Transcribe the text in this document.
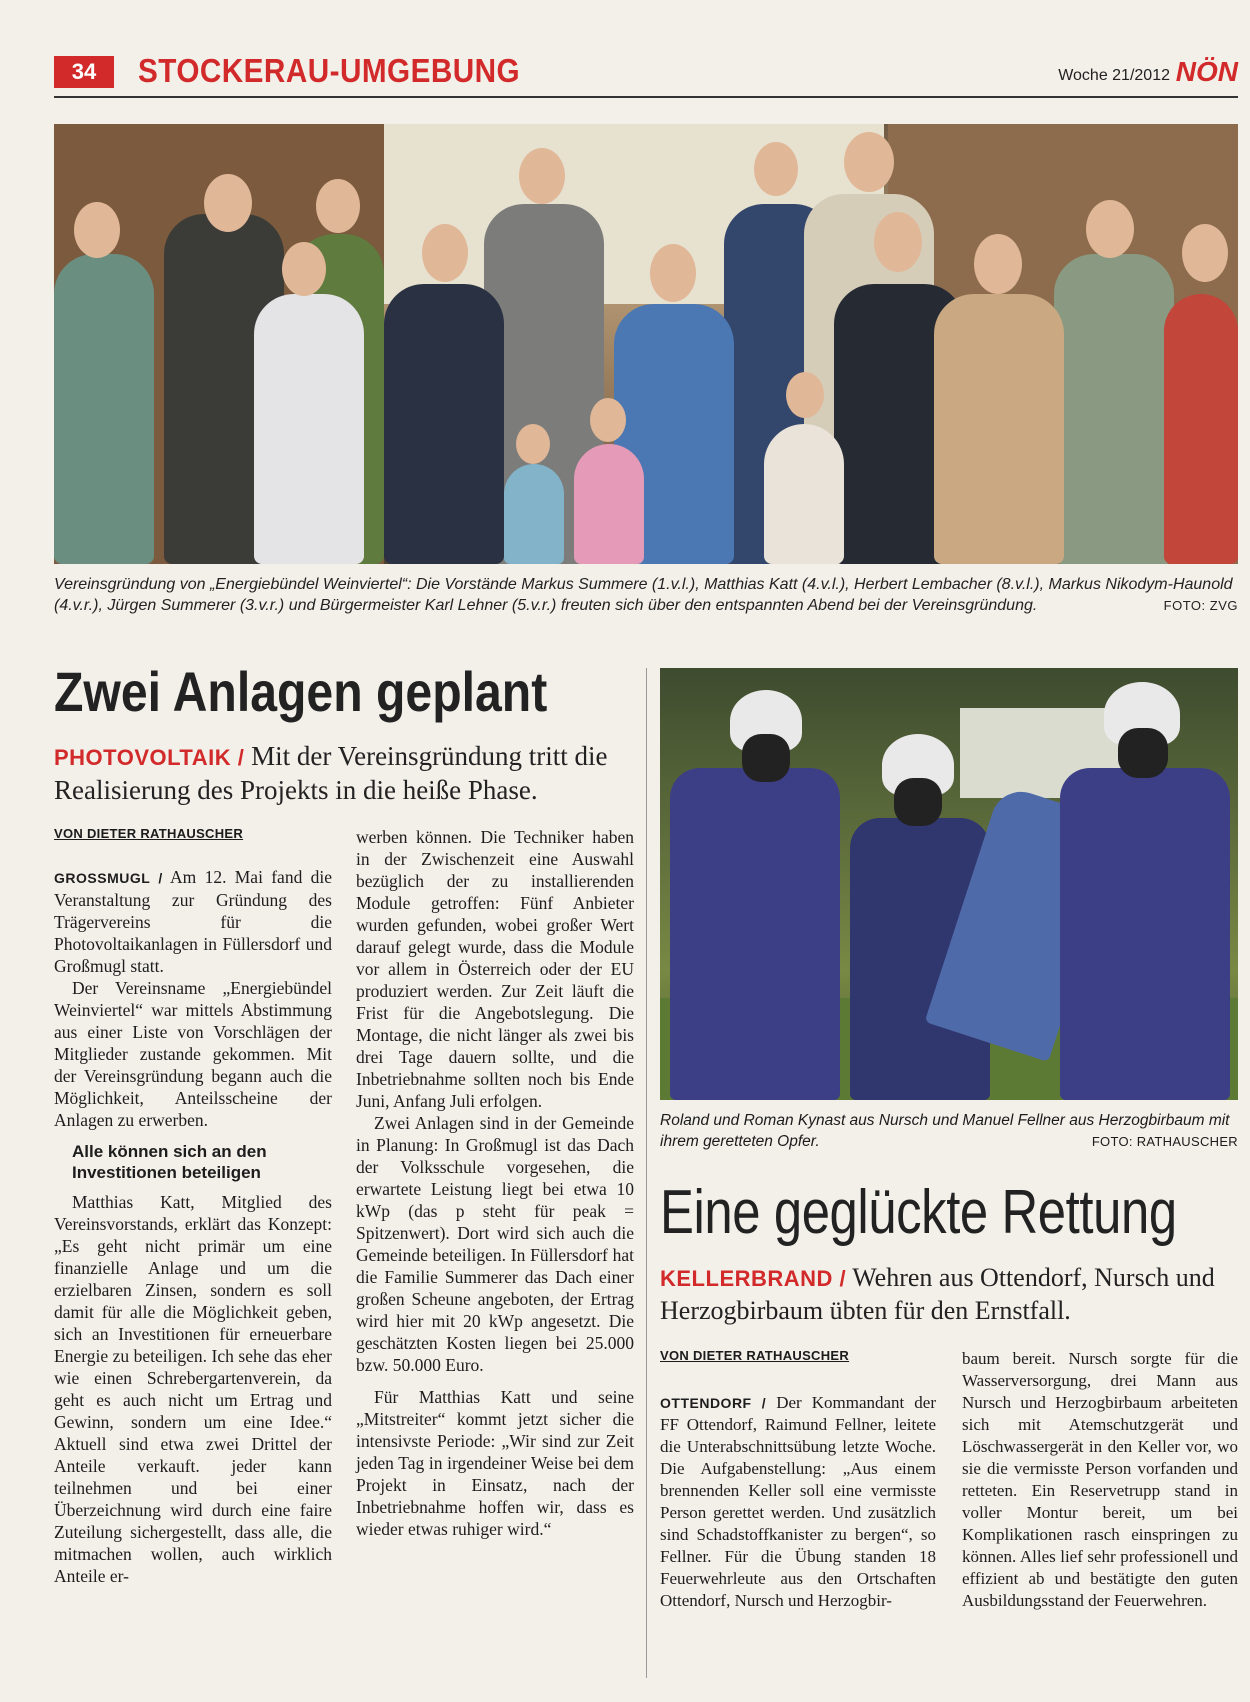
34	STOCKERAU-UMGEBUNG	Woche 21/2012 NÖN
Vereinsgründung von „Energiebündel Weinviertel“: Die Vorstände Markus Summere (1.v.l.), Matthias Katt (4.v.l.), Herbert Lembacher (8.v.l.), Markus Nikodym-Haunold (4.v.r.), Jürgen Summerer (3.v.r.) und Bürgermeister Karl Lehner (5.v.r.) freuten sich über den entspannten Abend bei der Vereinsgründung.	FOTO: ZVG
Zwei Anlagen geplant
PHOTOVOLTAIK / Mit der Vereinsgründung tritt die Realisierung des Projekts in die heiße Phase.
VON DIETER RATHAUSCHER

GROSSMUGL / Am 12. Mai fand die Veranstaltung zur Gründung des Trägervereins für die Photovoltaikanlagen in Füllersdorf und Großmugl statt.

Der Vereinsname „Energiebündel Weinviertel“ war mittels Abstimmung aus einer Liste von Vorschlägen der Mitglieder zustande gekommen. Mit der Vereinsgründung begann auch die Möglichkeit, Anteilsscheine der Anlagen zu erwerben.

Alle können sich an den Investitionen beteiligen

Matthias Katt, Mitglied des Vereinsvorstands, erklärt das Konzept: „Es geht nicht primär um eine finanzielle Anlage und um die erzielbaren Zinsen, sondern es soll damit für alle die Möglichkeit geben, sich an Investitionen für erneuerbare Energie zu beteiligen. Ich sehe das eher wie einen Schrebergartenverein, da geht es auch nicht um Ertrag und Gewinn, sondern um eine Idee.“ Aktuell sind etwa zwei Drittel der Anteile verkauft. jeder kann teilnehmen und bei einer Überzeichnung wird durch eine faire Zuteilung sichergestellt, dass alle, die mitmachen wollen, auch wirklich Anteile er-

werben können. Die Techniker haben in der Zwischenzeit eine Auswahl bezüglich der zu installierenden Module getroffen: Fünf Anbieter wurden gefunden, wobei großer Wert darauf gelegt wurde, dass die Module vor allem in Österreich oder der EU produziert werden. Zur Zeit läuft die Frist für die Angebotslegung. Die Montage, die nicht länger als zwei bis drei Tage dauern sollte, und die Inbetriebnahme sollten noch bis Ende Juni, Anfang Juli erfolgen.

Zwei Anlagen sind in der Gemeinde in Planung: In Großmugl ist das Dach der Volksschule vorgesehen, die erwartete Leistung liegt bei etwa 10 kWp (das p steht für peak = Spitzenwert). Dort wird sich auch die Gemeinde beteiligen. In Füllersdorf hat die Familie Summerer das Dach einer großen Scheune angeboten, der Ertrag wird hier mit 20 kWp angesetzt. Die geschätzten Kosten liegen bei 25.000 bzw. 50.000 Euro.

Für Matthias Katt und seine „Mitstreiter“ kommt jetzt sicher die intensivste Periode: „Wir sind zur Zeit jeden Tag in irgendeiner Weise bei dem Projekt in Einsatz, nach der Inbetriebnahme hoffen wir, dass es wieder etwas ruhiger wird.“

Roland und Roman Kynast aus Nursch und Manuel Fellner aus Herzogbirbaum mit ihrem geretteten Opfer.	FOTO: RATHAUSCHER
Eine geglückte Rettung
KELLERBRAND / Wehren aus Ottendorf, Nursch und Herzogbirbaum übten für den Ernstfall.
VON DIETER RATHAUSCHER

OTTENDORF / Der Kommandant der FF Ottendorf, Raimund Fellner, leitete die Unterabschnittsübung letzte Woche. Die Aufgabenstellung: „Aus einem brennenden Keller soll eine vermisste Person gerettet werden. Und zusätzlich sind Schadstoffkanister zu bergen“, so Fellner. Für die Übung standen 18 Feuerwehrleute aus den Ortschaften Ottendorf, Nursch und Herzogbir-

baum bereit. Nursch sorgte für die Wasserversorgung, drei Mann aus Nursch und Herzogbirbaum arbeiteten sich mit Atemschutzgerät und Löschwassergerät in den Keller vor, wo sie die vermisste Person vorfanden und retteten. Ein Reservetrupp stand in voller Montur bereit, um bei Komplikationen rasch einspringen zu können. Alles lief sehr professionell und effizient ab und bestätigte den guten Ausbildungsstand der Feuerwehren.
